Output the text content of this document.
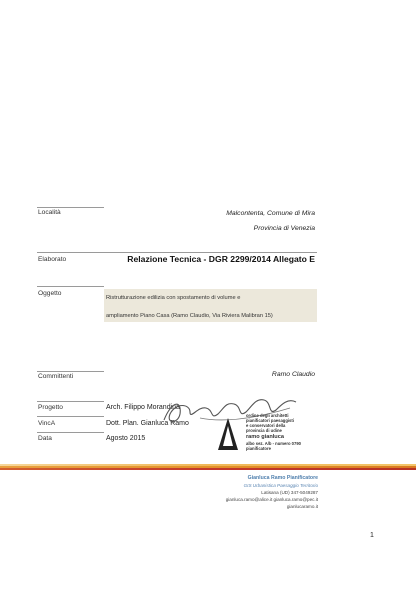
Località	Malcontenta, Comune di Mira
Provincia di Venezia
Elaborato	Relazione Tecnica - DGR 2299/2014 Allegato E
Oggetto
Ristrutturazione edilizia con spostamento di volume e
ampliamento Piano Casa (Ramo Claudio, Via Riviera Malibran 15)
Committenti	Ramo Claudio
Progetto	Arch. Filippo Morandina
VincA	Dott. Plan. Gianluca Ramo
Data	Agosto 2015
ordine degli architetti
pianificatori paesaggisti
e conservatori della
provincia di udine
ramo gianluca
albo sez. A/b - numero 0790
pianificatore
Gianluca Ramo Pianificatore
GIS Urbanistica Paesaggio Territorio
Latisana (UD) 347-5049287
gianluca.ramo@alice.it gianluca.ramo@pec.it
gianlucaramo.it
1
